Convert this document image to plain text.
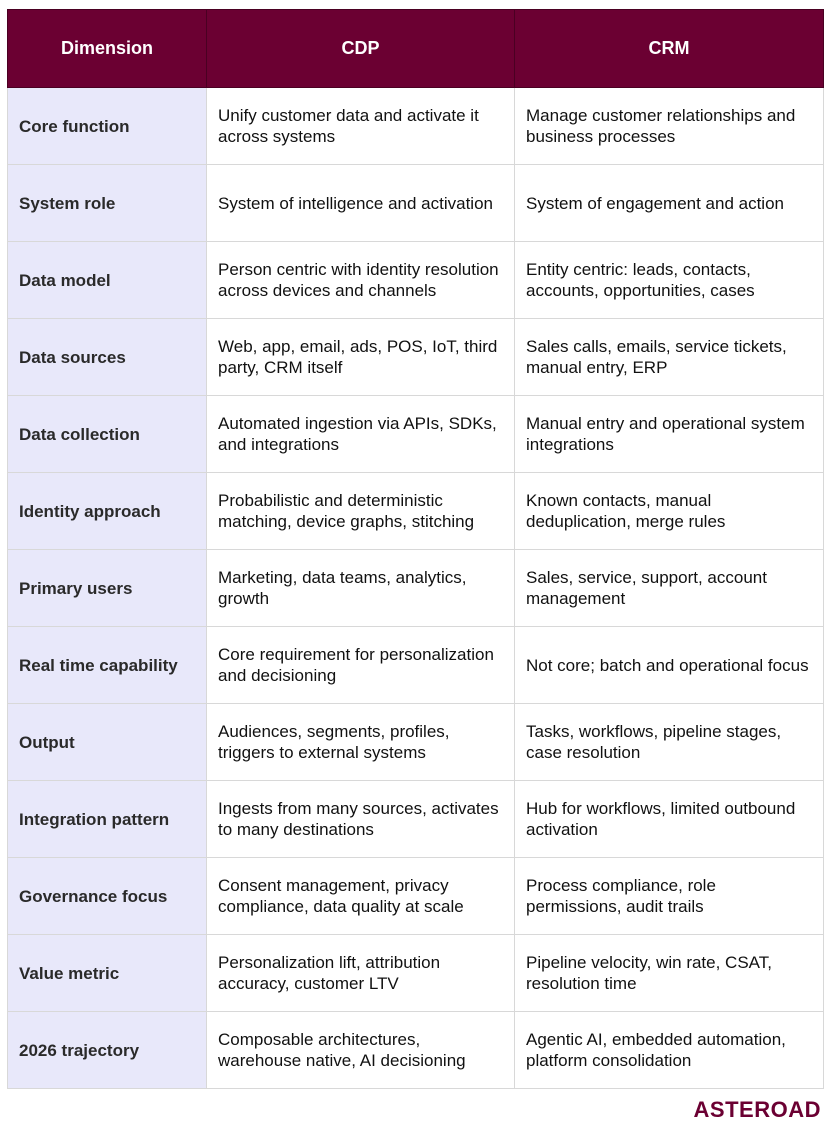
Dimension	CDP	CRM
Core function	Unify customer data and activate it across systems	Manage customer relationships and business processes
System role	System of intelligence and activation	System of engagement and action
Data model	Person centric with identity resolution across devices and channels	Entity centric: leads, contacts, accounts, opportunities, cases
Data sources	Web, app, email, ads, POS, IoT, third party, CRM itself	Sales calls, emails, service tickets, manual entry, ERP
Data collection	Automated ingestion via APIs, SDKs, and integrations	Manual entry and operational system integrations
Identity approach	Probabilistic and deterministic matching, device graphs, stitching	Known contacts, manual deduplication, merge rules
Primary users	Marketing, data teams, analytics, growth	Sales, service, support, account management
Real time capability	Core requirement for personalization and decisioning	Not core; batch and operational focus
Output	Audiences, segments, profiles, triggers to external systems	Tasks, workflows, pipeline stages, case resolution
Integration pattern	Ingests from many sources, activates to many destinations	Hub for workflows, limited outbound activation
Governance focus	Consent management, privacy compliance, data quality at scale	Process compliance, role permissions, audit trails
Value metric	Personalization lift, attribution accuracy, customer LTV	Pipeline velocity, win rate, CSAT, resolution time
2026 trajectory	Composable architectures, warehouse native, AI decisioning	Agentic AI, embedded automation, platform consolidation
ASTEROAD
